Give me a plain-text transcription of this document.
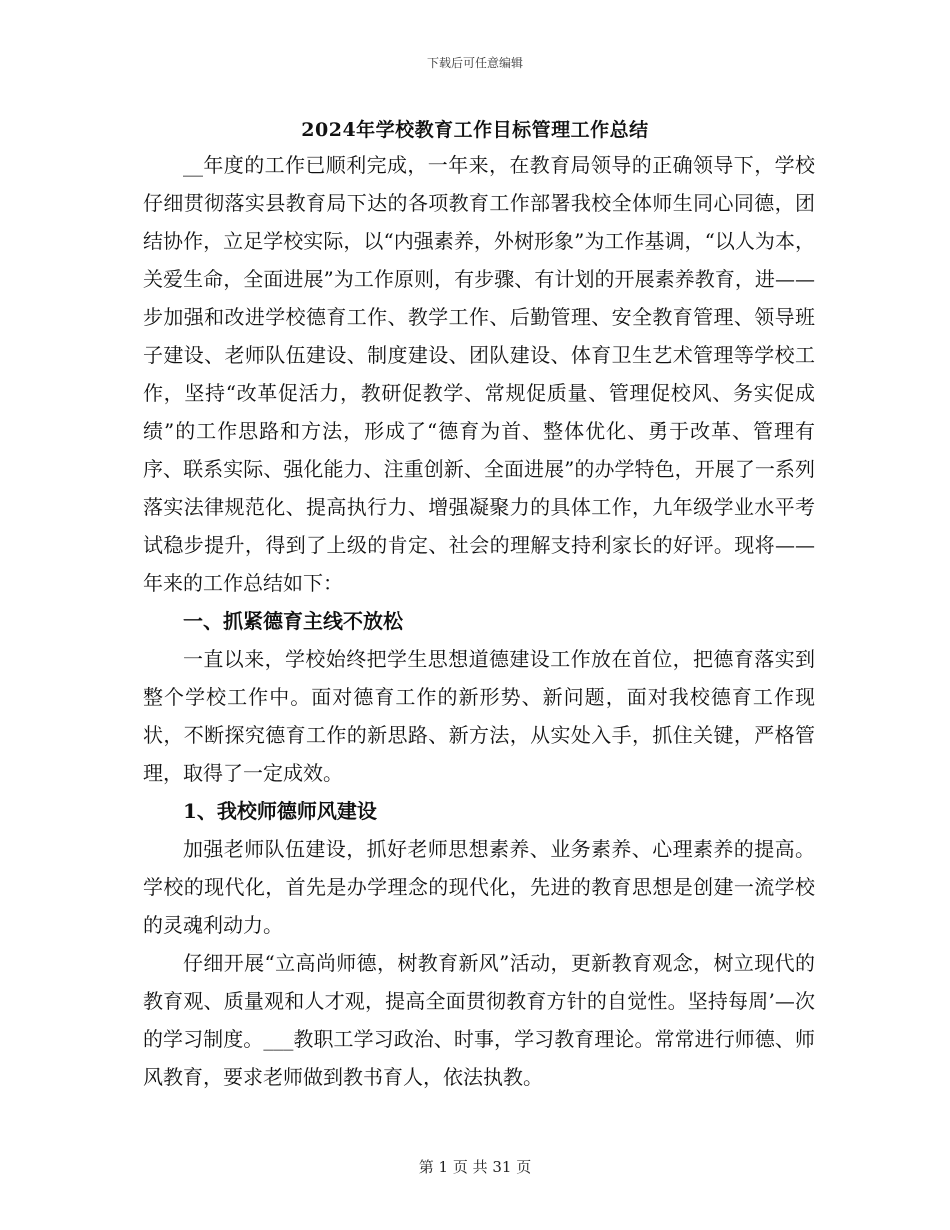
下载后可任意编辑
2024年学校教育工作目标管理工作总结

__年度的工作已顺利完成，一年来，在教育局领导的正确领导下，学校仔细贯彻落实县教育局下达的各项教育工作部署我校全体师生同心同德，团结协作，立足学校实际，以“内强素养，外树形象”为工作基调，“以人为本，关爱生命，全面进展”为工作原则，有步骤、有计划的开展素养教育，进——步加强和改进学校德育工作、教学工作、后勤管理、安全教育管理、领导班子建设、老师队伍建设、制度建设、团队建设、体育卫生艺术管理等学校工作，坚持“改革促活力，教研促教学、常规促质量、管理促校风、务实促成绩”的工作思路和方法，形成了“德育为首、整体优化、勇于改革、管理有序、联系实际、强化能力、注重创新、全面进展”的办学特色，开展了一系列落实法律规范化、提高执行力、增强凝聚力的具体工作，九年级学业水平考试稳步提升，得到了上级的肯定、社会的理解支持利家长的好评。现将——年来的工作总结如下：

一、抓紧德育主线不放松

一直以来，学校始终把学生思想道德建设工作放在首位，把德育落实到整个学校工作中。面对德育工作的新形势、新问题，面对我校德育工作现状，不断探究德育工作的新思路、新方法，从实处入手，抓住关键，严格管理，取得了一定成效。

1、我校师德师风建设

加强老师队伍建设，抓好老师思想素养、业务素养、心理素养的提高。学校的现代化，首先是办学理念的现代化，先进的教育思想是创建一流学校的灵魂利动力。

仔细开展“立高尚师德，树教育新风”活动，更新教育观念，树立现代的教育观、质量观和人才观，提高全面贯彻教育方针的自觉性。坚持每周’—次的学习制度。___教职工学习政治、时事，学习教育理论。常常进行师德、师风教育，要求老师做到教书育人，依法执教。

第 1 页 共 31 页
